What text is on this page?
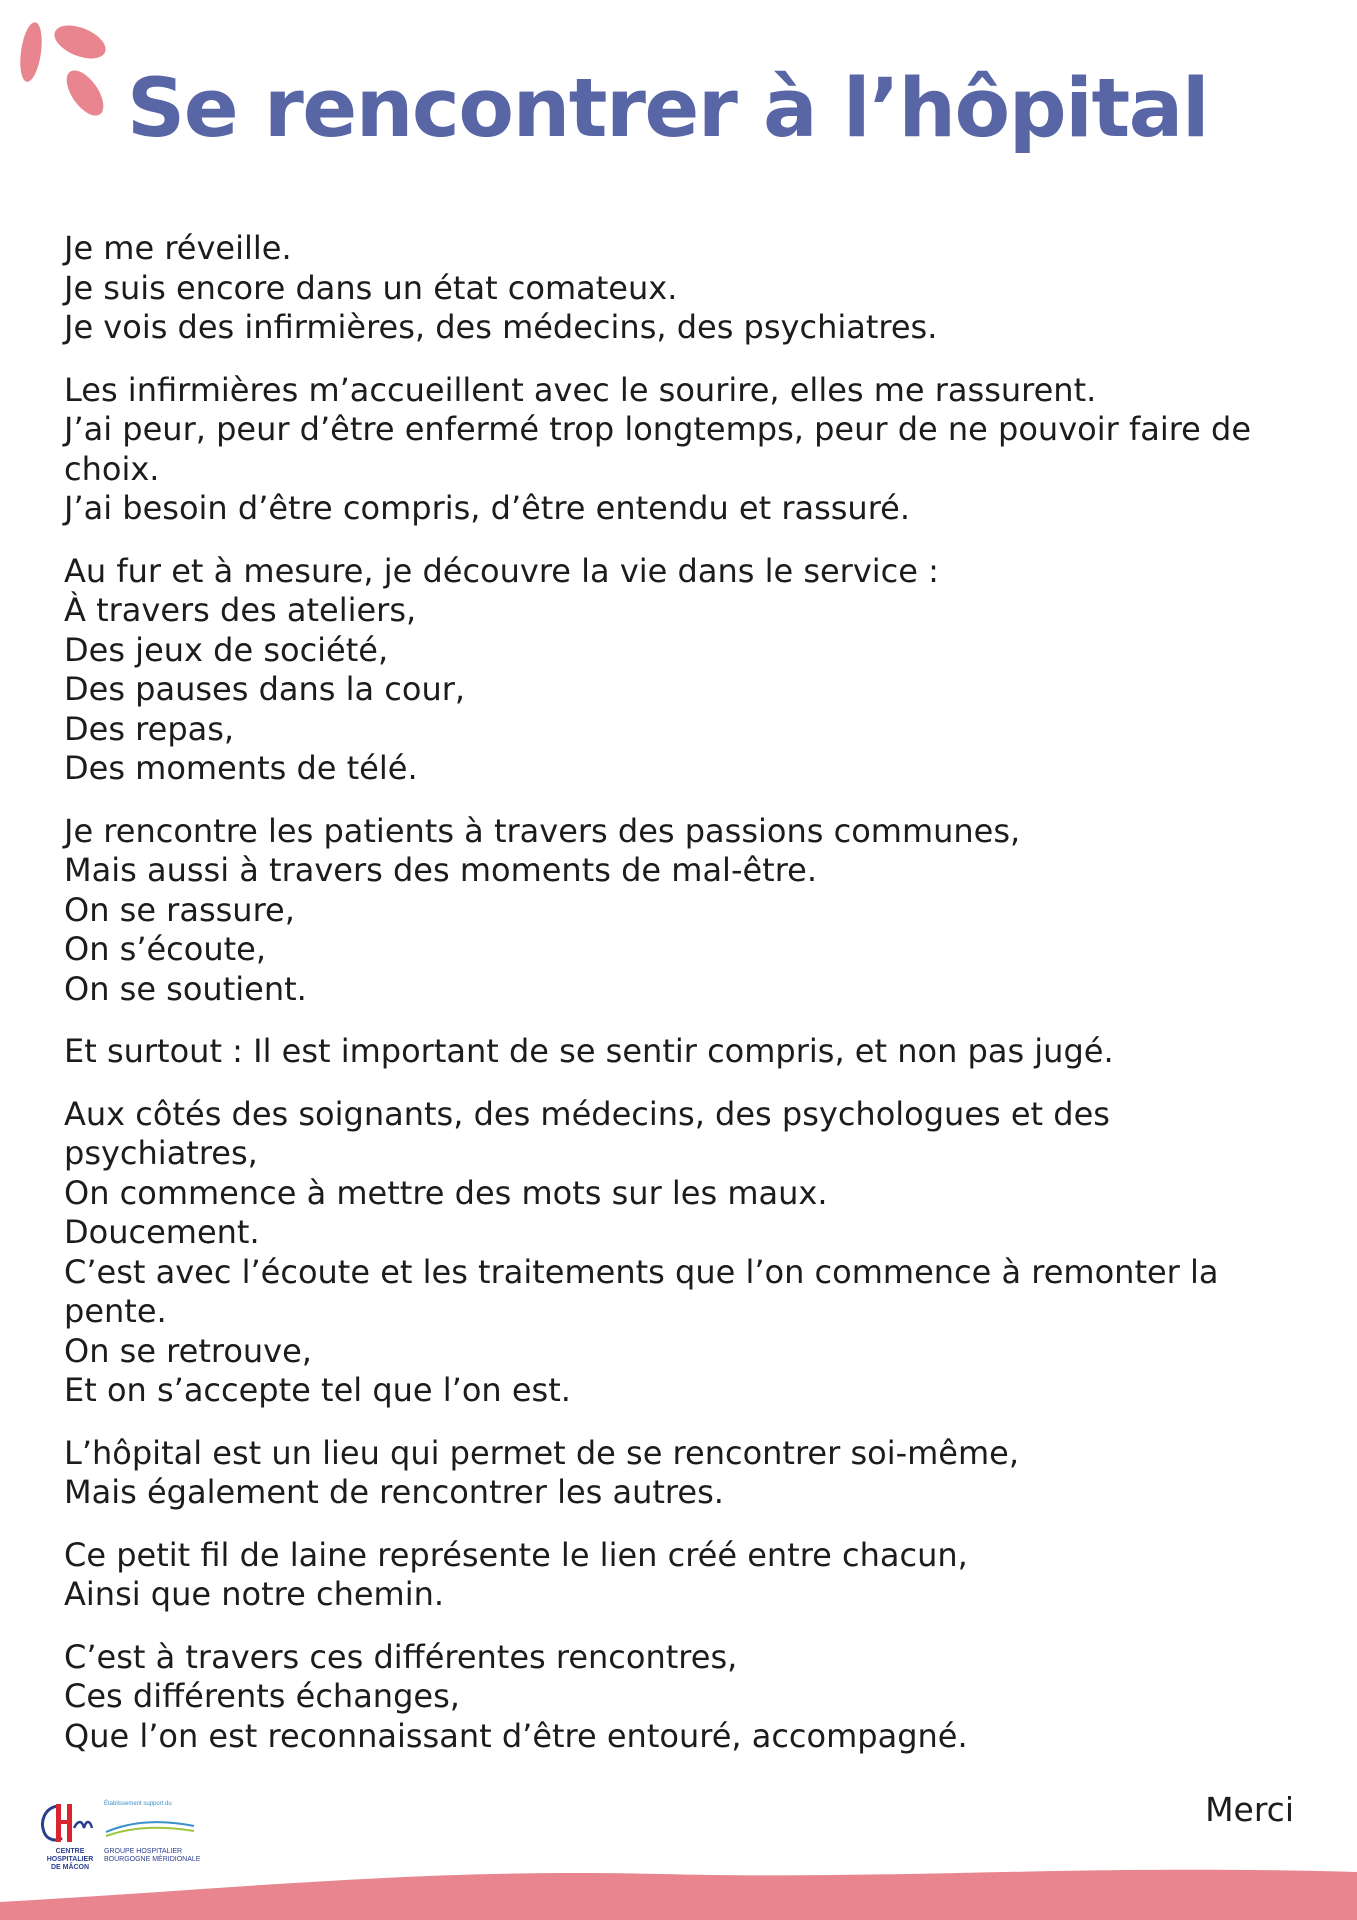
Se rencontrer à l’hôpital

Je me réveille.
Je suis encore dans un état comateux.
Je vois des infirmières, des médecins, des psychiatres.

Les infirmières m’accueillent avec le sourire, elles me rassurent.
J’ai peur, peur d’être enfermé trop longtemps, peur de ne pouvoir faire de
choix.
J’ai besoin d’être compris, d’être entendu et rassuré.

Au fur et à mesure, je découvre la vie dans le service :
À travers des ateliers,
Des jeux de société,
Des pauses dans la cour,
Des repas,
Des moments de télé.

Je rencontre les patients à travers des passions communes,
Mais aussi à travers des moments de mal-être.
On se rassure,
On s’écoute,
On se soutient.

Et surtout : Il est important de se sentir compris, et non pas jugé.

Aux côtés des soignants, des médecins, des psychologues et des
psychiatres,
On commence à mettre des mots sur les maux.
Doucement.
C’est avec l’écoute et les traitements que l’on commence à remonter la
pente.
On se retrouve,
Et on s’accepte tel que l’on est.

L’hôpital est un lieu qui permet de se rencontrer soi-même,
Mais également de rencontrer les autres.

Ce petit fil de laine représente le lien créé entre chacun,
Ainsi que notre chemin.

C’est à travers ces différentes rencontres,
Ces différents échanges,
Que l’on est reconnaissant d’être entouré, accompagné.

Établissement support du
CENTRE HOSPITALIER
DE MÂCON
GROUPE HOSPITALIER
BOURGOGNE MÉRIDIONALE
Merci
